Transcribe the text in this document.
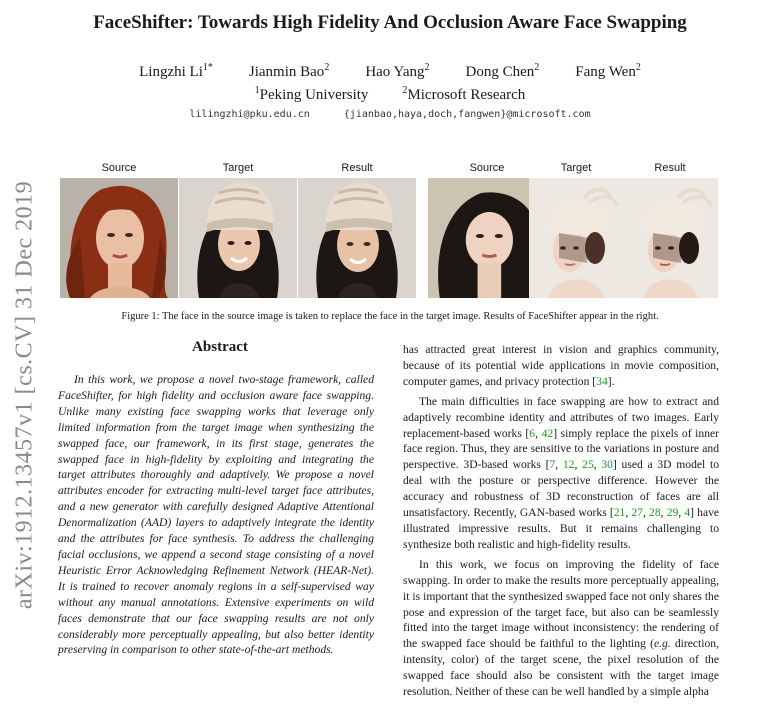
arXiv:1912.13457v1 [cs.CV] 31 Dec 2019
FaceShifter: Towards High Fidelity And Occlusion Aware Face Swapping
Lingzhi $Li^{1*}$ Jianmin Bao$^2$ Hao Yang$^2$ Dong Chen$^2$ Fang Wen$^2$
$^1$Peking University	$^2$Microsoft Research
lilingzhi@pku.edu.cn	{jianbao,haya,doch,fangwen}@microsoft.com
Source	Target	Result	Source	Target	Result
Figure 1: The face in the source image is taken to replace the face in the target image. Results of FaceShifter appear in the right.
Abstract

In this work, we propose a novel two-stage framework, called FaceShifter, for high fidelity and occlusion aware face swapping. Unlike many existing face swapping works that leverage only limited information from the target image when synthesizing the swapped face, our framework, in its first stage, generates the swapped face in high-fidelity by exploiting and integrating the target attributes thoroughly and adaptively. We propose a novel attributes encoder for extracting multi-level target face attributes, and a new generator with carefully designed Adaptive Attentional Denormalization (AAD) layers to adaptively integrate the identity and the attributes for face synthesis. To address the challenging facial occlusions, we append a second stage consisting of a novel Heuristic Error Acknowledging Refinement Network (HEAR-Net). It is trained to recover anomaly regions in a self-supervised way without any manual annotations. Extensive experiments on wild faces demonstrate that our face swapping results are not only considerably more perceptually appealing, but also better identity preserving in comparison to other state-of-the-art methods.

has attracted great interest in vision and graphics community, because of its potential wide applications in movie composition, computer games, and privacy protection [34].

The main difficulties in face swapping are how to extract and adaptively recombine identity and attributes of two images. Early replacement-based works [6, 42] simply replace the pixels of inner face region. Thus, they are sensitive to the variations in posture and perspective. 3D-based works [7, 12, 25, 30] used a 3D model to deal with the posture or perspective difference. However the accuracy and robustness of 3D reconstruction of faces are all unsatisfactory. Recently, GAN-based works [21, 27, 28, 29, 4] have illustrated impressive results. But it remains challenging to synthesize both realistic and high-fidelity results.

In this work, we focus on improving the fidelity of face swapping. In order to make the results more perceptually appealing, it is important that the synthesized swapped face not only shares the pose and expression of the target face, but also can be seamlessly fitted into the target image without inconsistency: the rendering of the swapped face should be faithful to the lighting (e.g. direction, intensity, color) of the target scene, the pixel resolution of the swapped face should also be consistent with the target image resolution. Neither of these can be well handled by a simple alpha
